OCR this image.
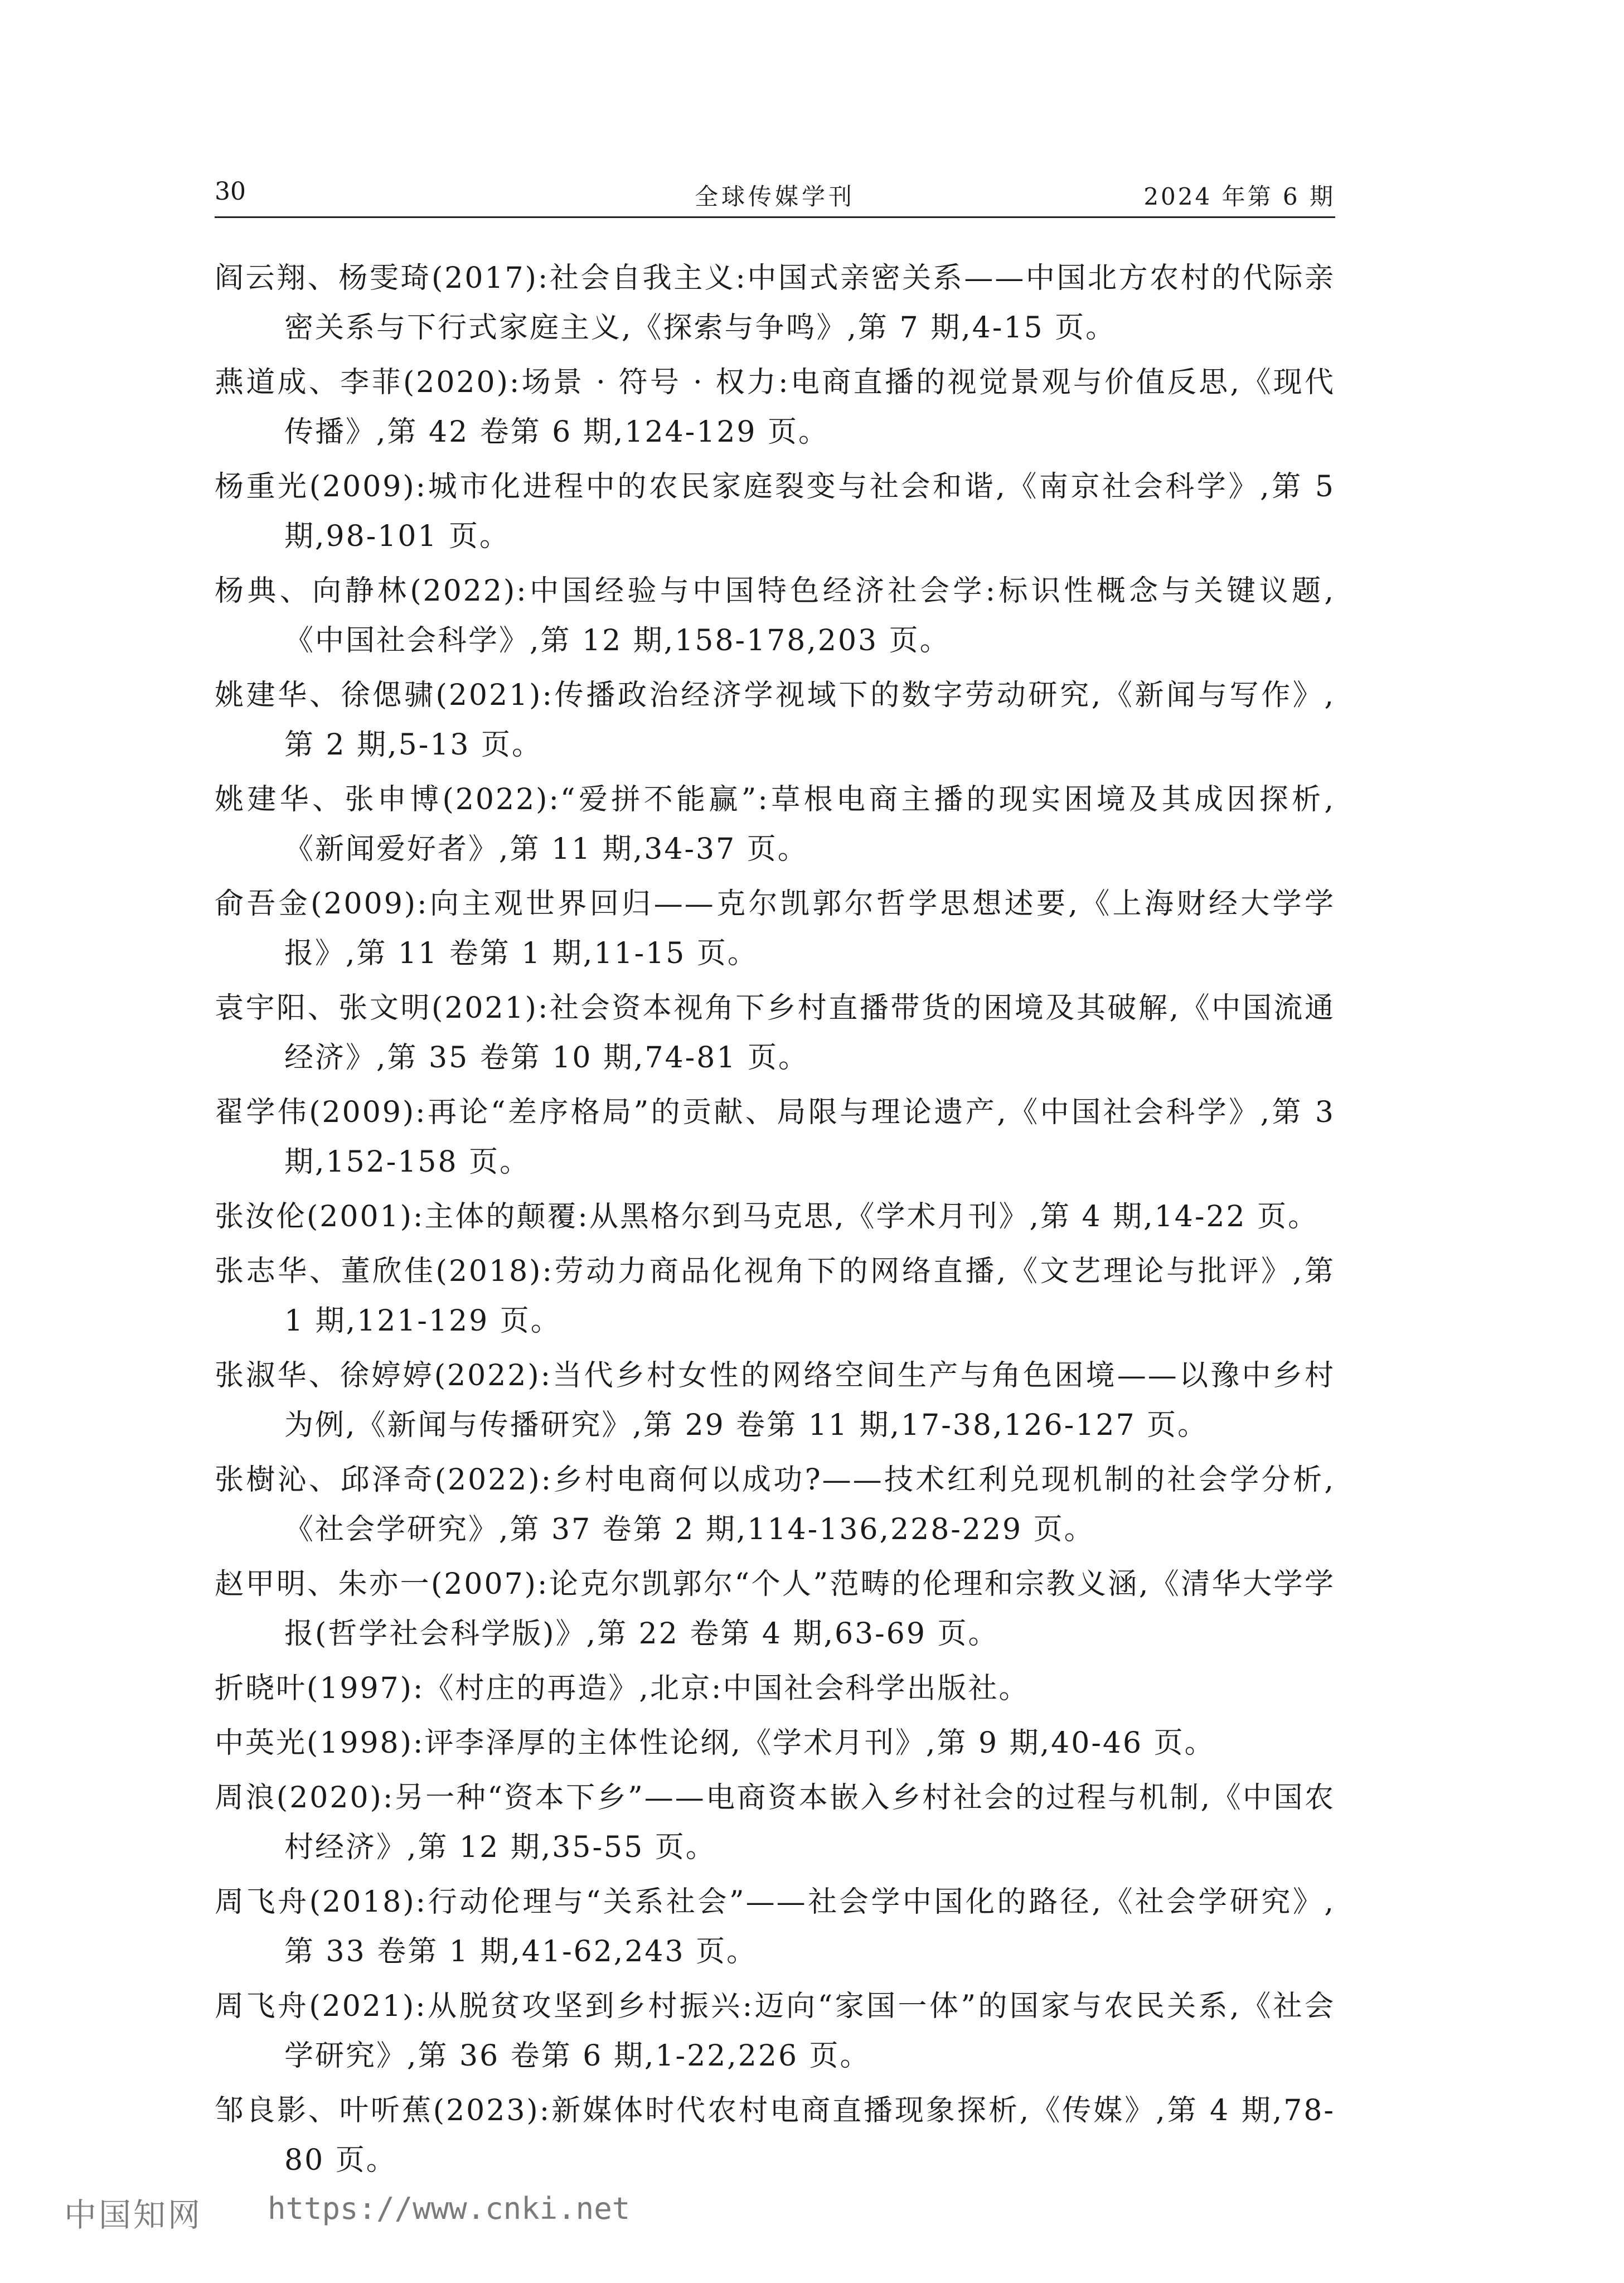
30	全球传媒学刊	2024 年第 6 期

阎云翔、杨雯琦(2017):社会自我主义:中国式亲密关系——中国北方农村的代际亲密关系与下行式家庭主义,《探索与争鸣》,第 7 期,4-15 页。

燕道成、李菲(2020):场景 · 符号 · 权力:电商直播的视觉景观与价值反思,《现代传播》,第 42 卷第 6 期,124-129 页。

杨重光(2009):城市化进程中的农民家庭裂变与社会和谐,《南京社会科学》,第 5 期,98-101 页。

杨典、向静林(2022):中国经验与中国特色经济社会学:标识性概念与关键议题,《中国社会科学》,第 12 期,158-178,203 页。

姚建华、徐偲骕(2021):传播政治经济学视域下的数字劳动研究,《新闻与写作》,第 2 期,5-13 页。

姚建华、张申博(2022):“爱拼不能赢”:草根电商主播的现实困境及其成因探析,《新闻爱好者》,第 11 期,34-37 页。

俞吾金(2009):向主观世界回归——克尔凯郭尔哲学思想述要,《上海财经大学学报》,第 11 卷第 1 期,11-15 页。

袁宇阳、张文明(2021):社会资本视角下乡村直播带货的困境及其破解,《中国流通经济》,第 35 卷第 10 期,74-81 页。

翟学伟(2009):再论“差序格局”的贡献、局限与理论遗产,《中国社会科学》,第 3 期,152-158 页。

张汝伦(2001):主体的颠覆:从黑格尔到马克思,《学术月刊》,第 4 期,14-22 页。

张志华、董欣佳(2018):劳动力商品化视角下的网络直播,《文艺理论与批评》,第 1 期,121-129 页。

张淑华、徐婷婷(2022):当代乡村女性的网络空间生产与角色困境——以豫中乡村为例,《新闻与传播研究》,第 29 卷第 11 期,17-38,126-127 页。

张樹沁、邱泽奇(2022):乡村电商何以成功?——技术红利兑现机制的社会学分析,《社会学研究》,第 37 卷第 2 期,114-136,228-229 页。

赵甲明、朱亦一(2007):论克尔凯郭尔“个人”范畴的伦理和宗教义涵,《清华大学学报(哲学社会科学版)》,第 22 卷第 4 期,63-69 页。

折晓叶(1997):《村庄的再造》,北京:中国社会科学出版社。

中英光(1998):评李泽厚的主体性论纲,《学术月刊》,第 9 期,40-46 页。

周浪(2020):另一种“资本下乡”——电商资本嵌入乡村社会的过程与机制,《中国农村经济》,第 12 期,35-55 页。

周飞舟(2018):行动伦理与“关系社会”——社会学中国化的路径,《社会学研究》,第 33 卷第 1 期,41-62,243 页。

周飞舟(2021):从脱贫攻坚到乡村振兴:迈向“家国一体”的国家与农民关系,《社会学研究》,第 36 卷第 6 期,1-22,226 页。

邹良影、叶听蕉(2023):新媒体时代农村电商直播现象探析,《传媒》,第 4 期,78-80 页。

中国知网 https://www.cnki.net
